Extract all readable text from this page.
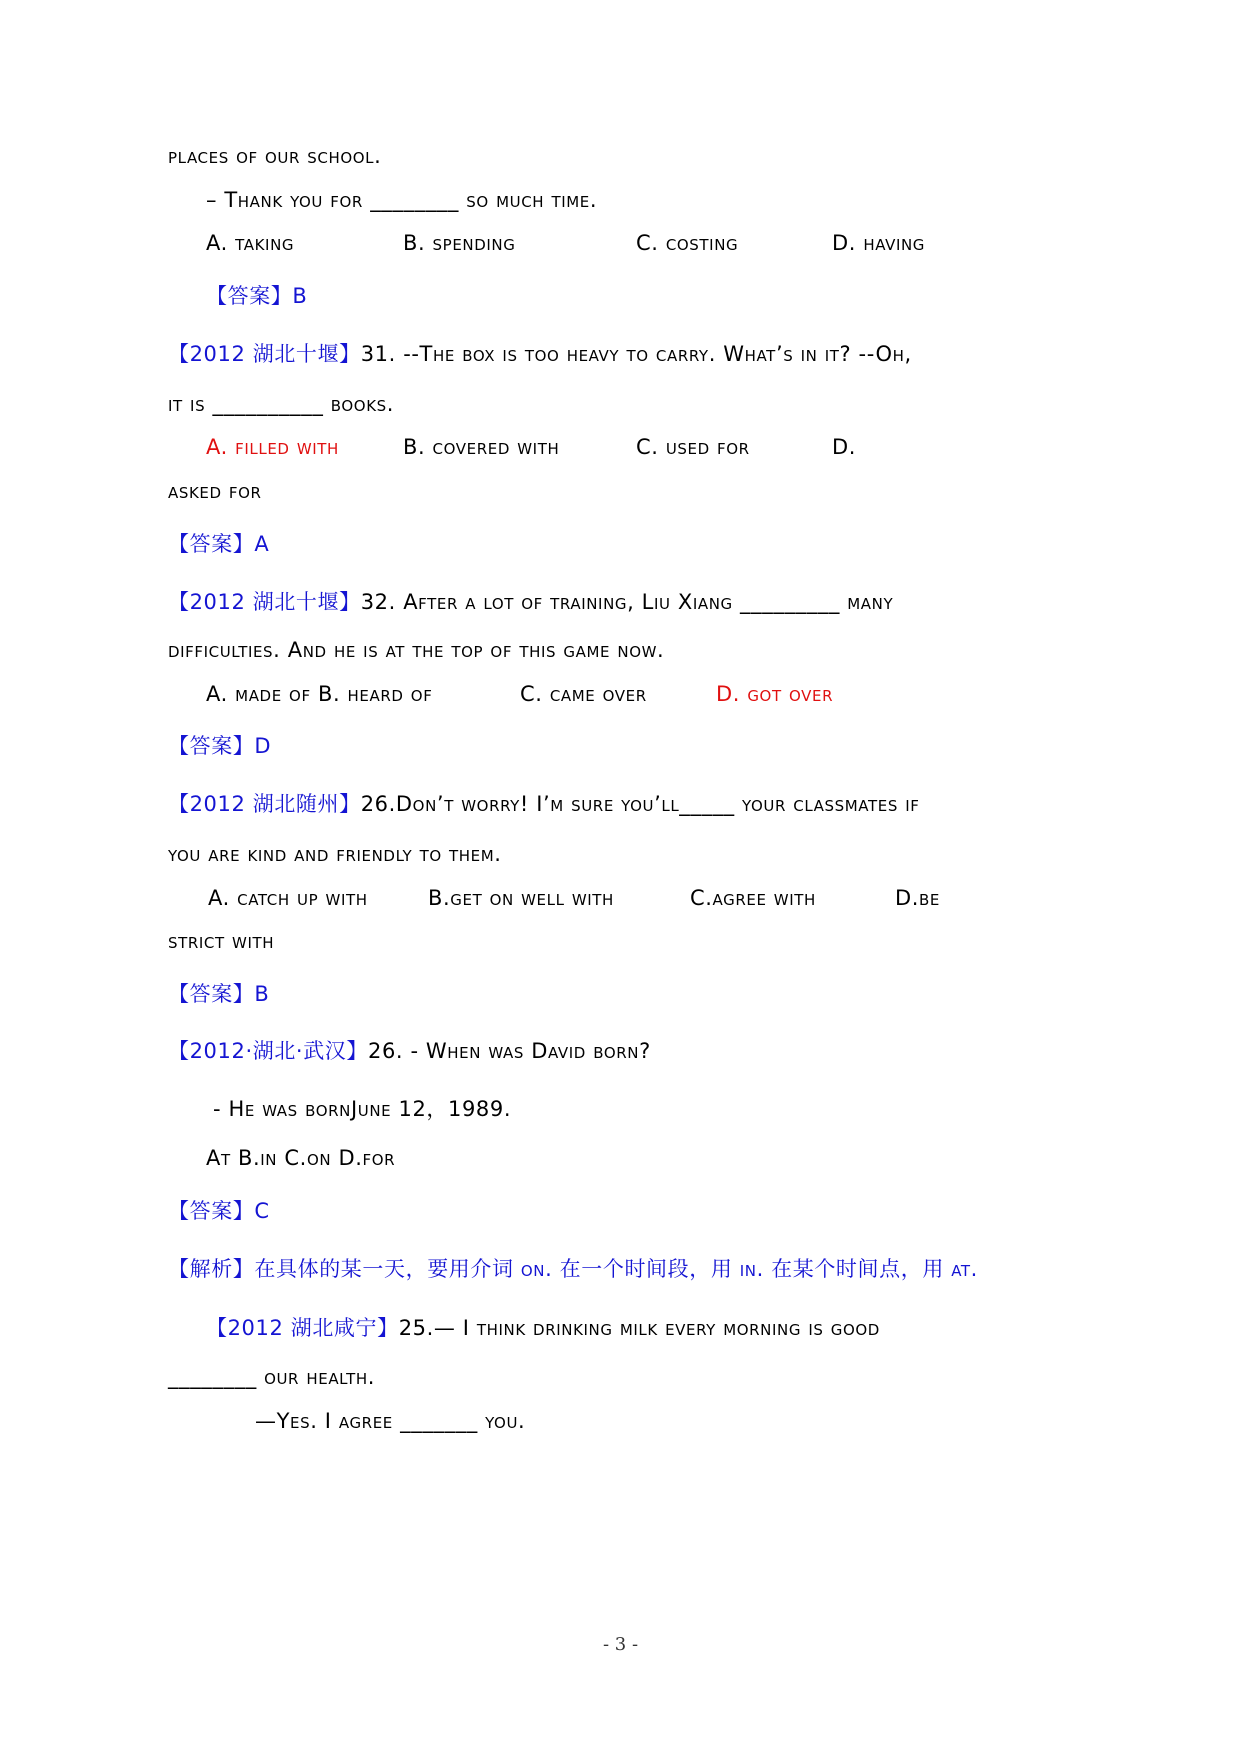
places of our school.
– Thank you for ________ so much time.
A. taking	B. spending	C. costing	D. having
【答案】B
【2012 湖北十堰】31. --The box is too heavy to carry. What’s in it? --Oh,
it is __________ books.
A. filled with	B. covered with	C. used for	D.
asked for
【答案】A
【2012 湖北十堰】32. After a lot of training, Liu Xiang _________ many
difficulties. And he is at the top of this game now.
A. made of B. heard of	C. came over	D. got over
【答案】D
【2012 湖北随州】26.Don’t worry! I’m sure you’ll_____ your classmates if
you are kind and friendly to them.
A. catch up with	B.get on well with	C.agree with	D.be
strict with
【答案】B
【2012·湖北·武汉】26. - When was David born?
- He was bornJune 12，1989.
At B.in C.on D.for
【答案】C
【解析】在具体的某一天，要用介词 on. 在一个时间段，用 in. 在某个时间点，用 at.
【2012 湖北咸宁】25.— I think drinking milk every morning is good
________ our health.
—Yes. I agree _______ you.
- 3 -
